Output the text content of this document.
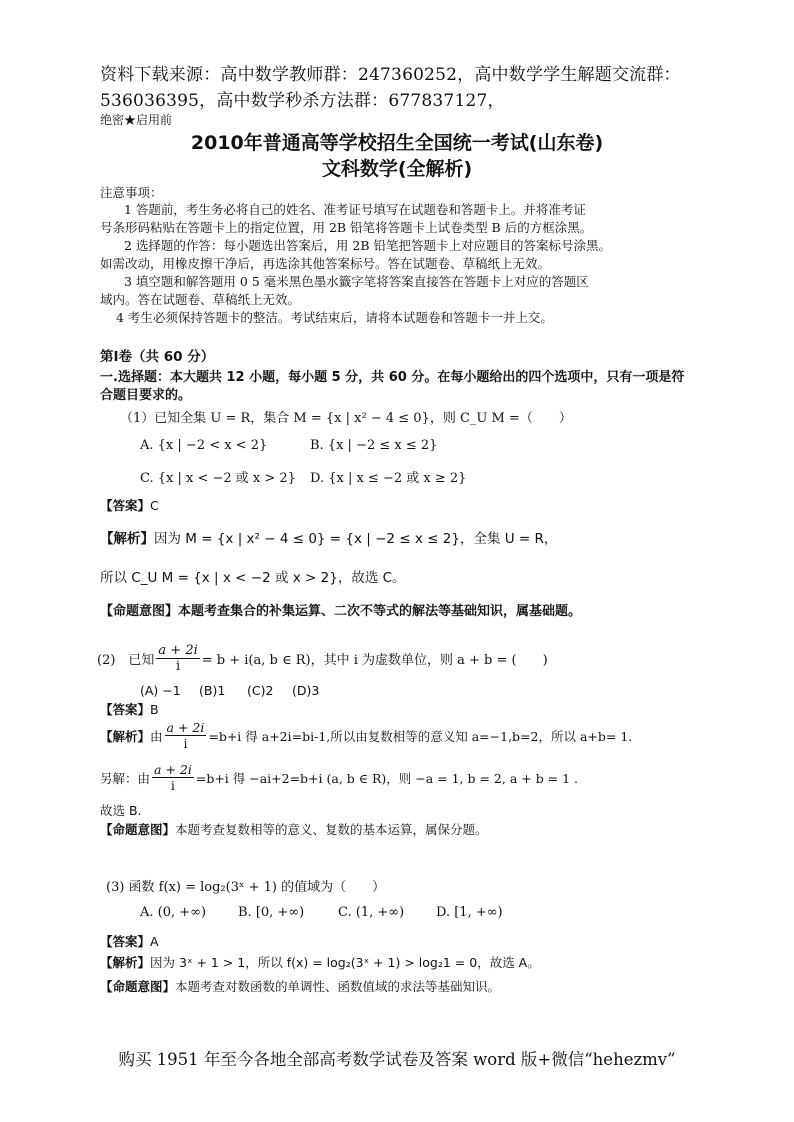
资料下载来源：高中数学教师群：247360252，高中数学学生解题交流群：
536036395，高中数学秒杀方法群：677837127，
绝密★启用前
2010年普通高等学校招生全国统一考试(山东卷)
文科数学(全解析)
注意事项：
1 答题前，考生务必将自己的姓名、准考证号填写在试题卷和答题卡上。并将准考证
号条形码粘贴在答题卡上的指定位置，用 2B 铅笔将答题卡上试卷类型 B 后的方框涂黑。
2 选择题的作答：每小题选出答案后，用 2B 铅笔把答题卡上对应题目的答案标号涂黑。
如需改动，用橡皮擦干净后，再选涂其他答案标号。答在试题卷、草稿纸上无效。
3 填空题和解答题用 0 5 毫米黑色墨水籤字笔将答案直接答在答题卡上对应的答题区
域内。答在试题卷、草稿纸上无效。
4 考生必须保持答题卡的整洁。考试结束后，请将本试题卷和答题卡一并上交。
第Ⅰ卷（共 60 分）
一.选择题：本大题共 12 小题，每小题 5 分，共 60 分。在每小题给出的四个选项中，只有一项是符
合题目要求的。
（1）已知全集 U = R，集合 M = {x | x² − 4 ≤ 0}，则 C_U M =（　　）
A. {x | −2 < x < 2}	B. {x | −2 ≤ x ≤ 2}
C. {x | x < −2 或 x > 2} D. {x | x ≤ −2 或 x ≥ 2}
【答案】C
【解析】因为 M = {x | x² − 4 ≤ 0} = {x | −2 ≤ x ≤ 2}，全集 U = R，
所以 C_U M = {x | x < −2 或 x > 2}，故选 C。
【命题意图】本题考查集合的补集运算、二次不等式的解法等基础知识，属基础题。
(2)　已知 $\frac{a + 2i}{i} = b + i(a$, b ∈ R)，其中 i 为虚数单位，则 a + b = (　　)
(A) −1 (B)1 (C)2 (D)3
【答案】B
【解析】 由 $\frac{a + 2i}{i} =b+i$ 得 a+2i=bi-1,所以由复数相等的意义知 a=−1,b=2，所以 a+b= 1.
另解：由 $\frac{a + 2i}{i} =b+i$ 得 −ai+2=b+i (a, b ∈ R)，则 −a = 1, b = 2, a + b = 1 .
故选 B.
【命题意图】本题考查复数相等的意义、复数的基本运算，属保分题。
(3) 函数 f(x) = log₂(3ˣ + 1) 的值域为（　　）
A. (0, +∞) B. [0, +∞)	C. (1, +∞) D. [1, +∞)
【答案】A
【解析】因为 3ˣ + 1 > 1，所以 f(x) = log₂(3ˣ + 1) > log₂1 = 0，故选 A。
【命题意图】本题考查对数函数的单调性、函数值域的求法等基础知识。
购买 1951 年至今各地全部高考数学试卷及答案 word 版+微信“hehezmv”
